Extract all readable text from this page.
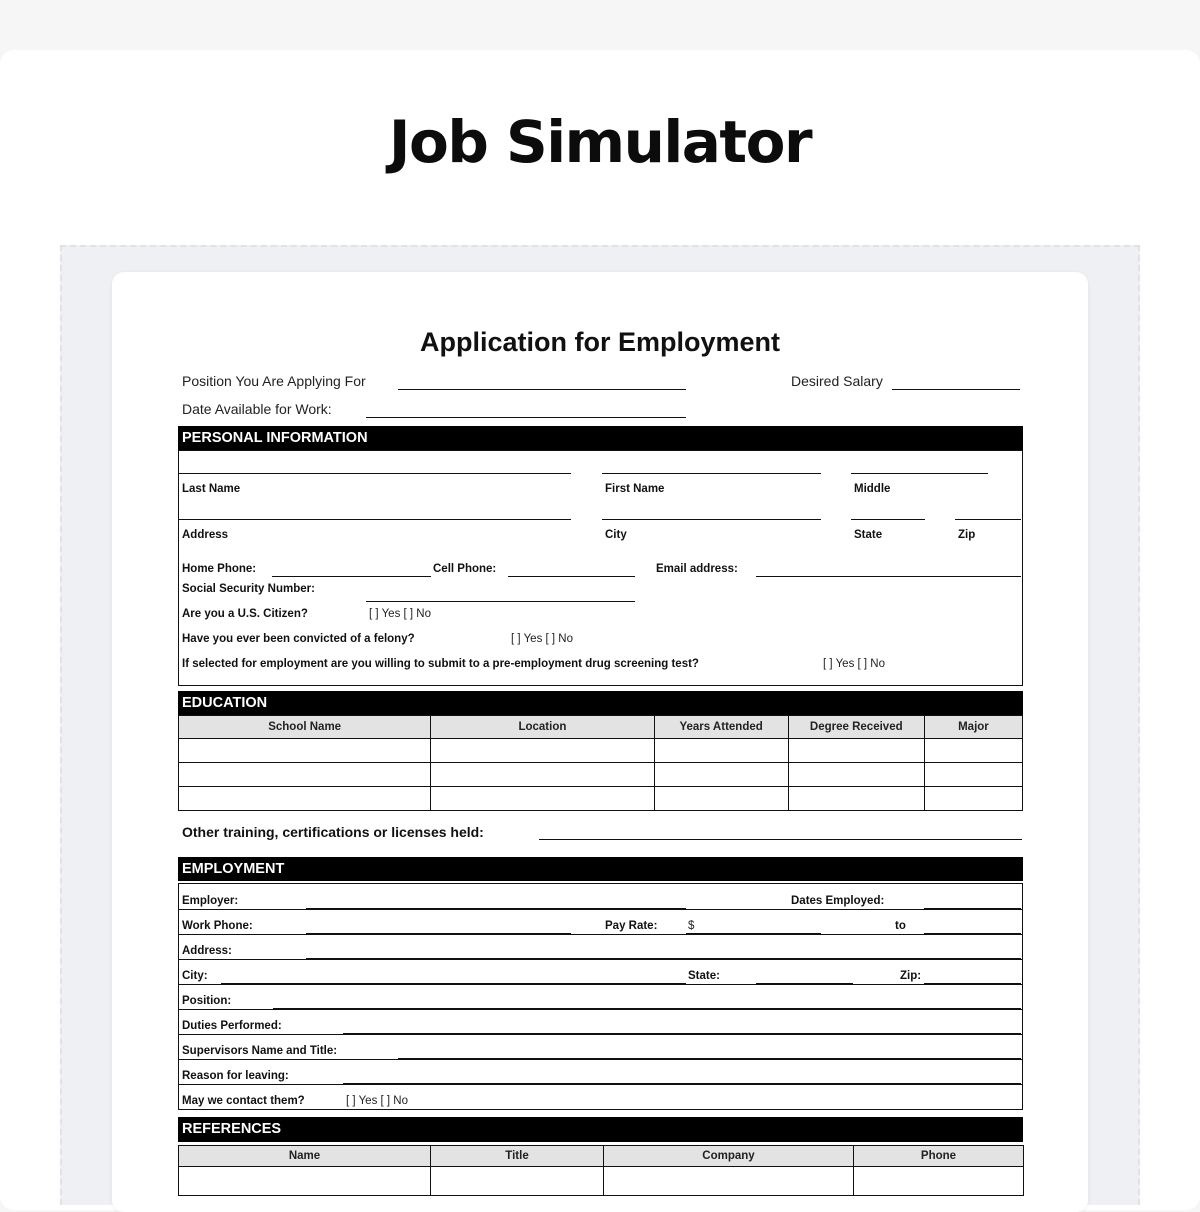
Job Simulator
Application for Employment
Position You Are Applying For	Desired Salary
Date Available for Work:
PERSONAL INFORMATION
Last Name	First Name	Middle
Address	City	State	Zip
Home Phone:	Cell Phone:	Email address:
Social Security Number:
Are you a U.S. Citizen?	[ ] Yes [ ] No
Have you ever been convicted of a felony?	[ ] Yes [ ] No
If selected for employment are you willing to submit to a pre-employment drug screening test?	[ ] Yes [ ] No
EDUCATION
School Name	Location	Years Attended	Degree Received	Major

Other training, certifications or licenses held:
EMPLOYMENT
Employer:	Dates Employed:
Work Phone:	Pay Rate:	$	to
Address:
City:	State:	Zip:
Position:
Duties Performed:
Supervisors Name and Title:
Reason for leaving:
May we contact them?	[ ] Yes [ ] No
REFERENCES
Name	Title	Company	Phone
